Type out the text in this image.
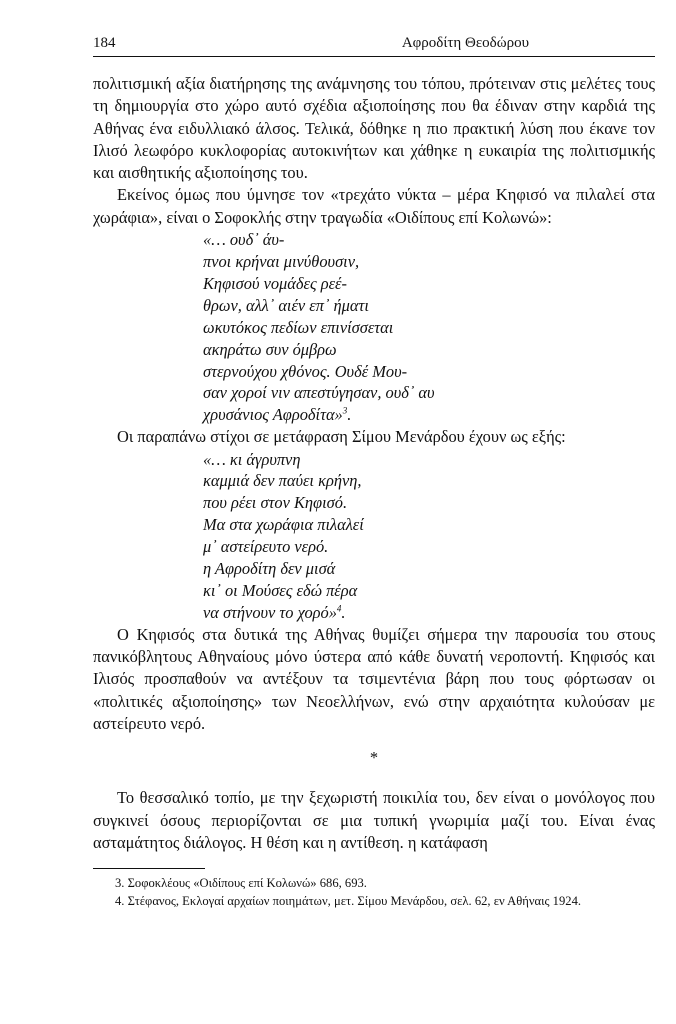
184	Αφροδίτη Θεοδώρου

πολιτισμική αξία διατήρησης της ανάμνησης του τόπου, πρότειναν στις μελέτες τους τη δημιουργία στο χώρο αυτό σχέδια αξιοποίησης που θα έδιναν στην καρδιά της Αθήνας ένα ειδυλλιακό άλσος. Τελικά, δόθηκε η πιο πρακτική λύση που έκανε τον Ιλισό λεωφόρο κυκλοφορίας αυτοκινήτων και χάθηκε η ευκαιρία της πολιτισμικής και αισθητικής αξιοποίησης του.

Εκείνος όμως που ύμνησε τον «τρεχάτο νύκτα – μέρα Κηφισό να πιλαλεί στα χωράφια», είναι ο Σοφοκλής στην τραγωδία «Οιδίπους επί Κολωνώ»:

«… ουδ᾽ άυ-
πνοι κρήναι μινύθουσιν,
Κηφισού νομάδες ρεέ-
θρων, αλλ᾽ αιέν επ᾽ ήματι
ωκυτόκος πεδίων επινίσσεται
ακηράτω συν όμβρω
στερνούχου χθόνος. Ουδέ Μου-
σαν χοροί νιν απεστύγησαν, ουδ᾽ αυ
χρυσάνιος Αφροδίτα»$^3$.

Οι παραπάνω στίχοι σε μετάφραση Σίμου Μενάρδου έχουν ως εξής:

«… κι άγρυπνη
καμμιά δεν παύει κρήνη,
που ρέει στον Κηφισό.
Μα στα χωράφια πιλαλεί
μ᾽ αστείρευτο νερό.
η Αφροδίτη δεν μισά
κι᾽ οι Μούσες εδώ πέρα
να στήνουν το χορό»$^4$.

Ο Κηφισός στα δυτικά της Αθήνας θυμίζει σήμερα την παρουσία του στους πανικόβλητους Αθηναίους μόνο ύστερα από κάθε δυνατή νεροποντή. Κηφισός και Ιλισός προσπαθούν να αντέξουν τα τσιμεντένια βάρη που τους φόρτωσαν οι «πολιτικές αξιοποίησης» των Νεοελλήνων, ενώ στην αρχαιότητα κυλούσαν με αστείρευτο νερό.

*

Το θεσσαλικό τοπίο, με την ξεχωριστή ποικιλία του, δεν είναι ο μονόλογος που συγκινεί όσους περιορίζονται σε μια τυπική γνωριμία μαζί του. Είναι ένας ασταμάτητος διάλογος. Η θέση και η αντίθεση. η κατάφαση

3. Σοφοκλέους «Οιδίπους επί Κολωνώ» 686, 693.

4. Στέφανος, Εκλογαί αρχαίων ποιημάτων, μετ. Σίμου Μενάρδου, σελ. 62, εν Αθήναις 1924.
